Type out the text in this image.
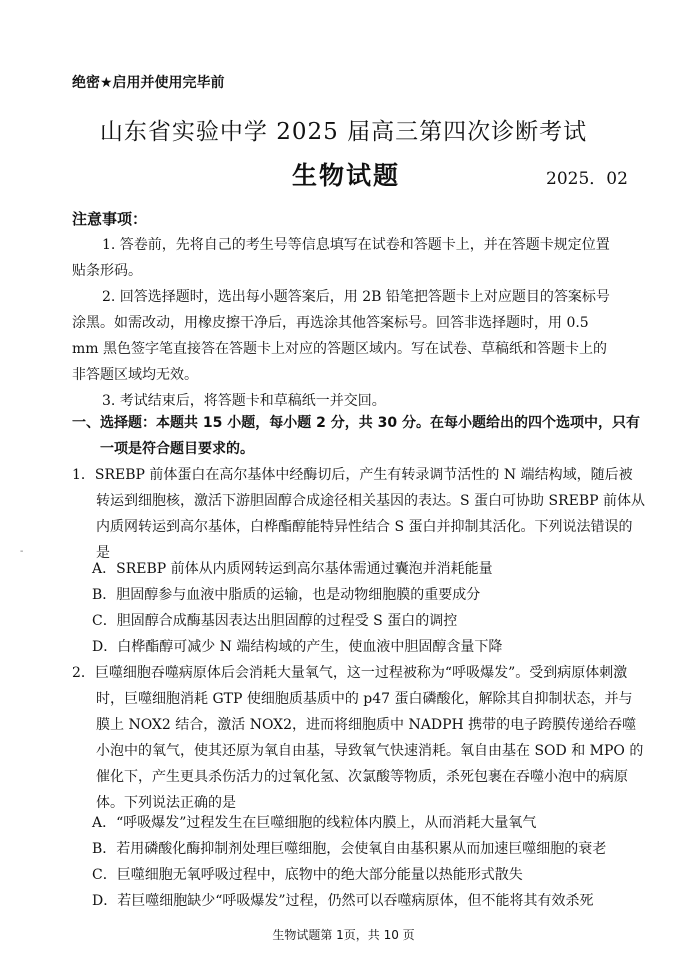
绝密★启用并使用完毕前
山东省实验中学 2025 届高三第四次诊断考试
生物试题	2025．02
注意事项：
1. 答卷前，先将自己的考生号等信息填写在试卷和答题卡上，并在答题卡规定位置贴条形码。
2. 回答选择题时，选出每小题答案后，用 2B 铅笔把答题卡上对应题目的答案标号涂黑。如需改动，用橡皮擦干净后，再选涂其他答案标号。回答非选择题时，用 0.5 mm 黑色签字笔直接答在答题卡上对应的答题区域内。写在试卷、草稿纸和答题卡上的非答题区域均无效。
3. 考试结束后，将答题卡和草稿纸一并交回。
一、选择题：本题共 15 小题，每小题 2 分，共 30 分。在每小题给出的四个选项中，只有一项是符合题目要求的。
1．SREBP 前体蛋白在高尔基体中经酶切后，产生有转录调节活性的 N 端结构域，随后被转运到细胞核，激活下游胆固醇合成途径相关基因的表达。S 蛋白可协助 SREBP 前体从内质网转运到高尔基体，白桦酯醇能特异性结合 S 蛋白并抑制其活化。下列说法错误的是
A．SREBP 前体从内质网转运到高尔基体需通过囊泡并消耗能量
B．胆固醇参与血液中脂质的运输，也是动物细胞膜的重要成分
C．胆固醇合成酶基因表达出胆固醇的过程受 S 蛋白的调控
D．白桦酯醇可减少 N 端结构域的产生，使血液中胆固醇含量下降
2．巨噬细胞吞噬病原体后会消耗大量氧气，这一过程被称为“呼吸爆发”。受到病原体刺激时，巨噬细胞消耗 GTP 使细胞质基质中的 p47 蛋白磷酸化，解除其自抑制状态，并与膜上 NOX2 结合，激活 NOX2，进而将细胞质中 NADPH 携带的电子跨膜传递给吞噬小泡中的氧气，使其还原为氧自由基，导致氧气快速消耗。氧自由基在 SOD 和 MPO 的催化下，产生更具杀伤活力的过氧化氢、次氯酸等物质，杀死包裹在吞噬小泡中的病原体。下列说法正确的是
A．“呼吸爆发”过程发生在巨噬细胞的线粒体内膜上，从而消耗大量氧气
B．若用磷酸化酶抑制剂处理巨噬细胞，会使氧自由基积累从而加速巨噬细胞的衰老
C．巨噬细胞无氧呼吸过程中，底物中的绝大部分能量以热能形式散失
D．若巨噬细胞缺少“呼吸爆发”过程，仍然可以吞噬病原体，但不能将其有效杀死
-
生物试题第 1页，共 10 页
